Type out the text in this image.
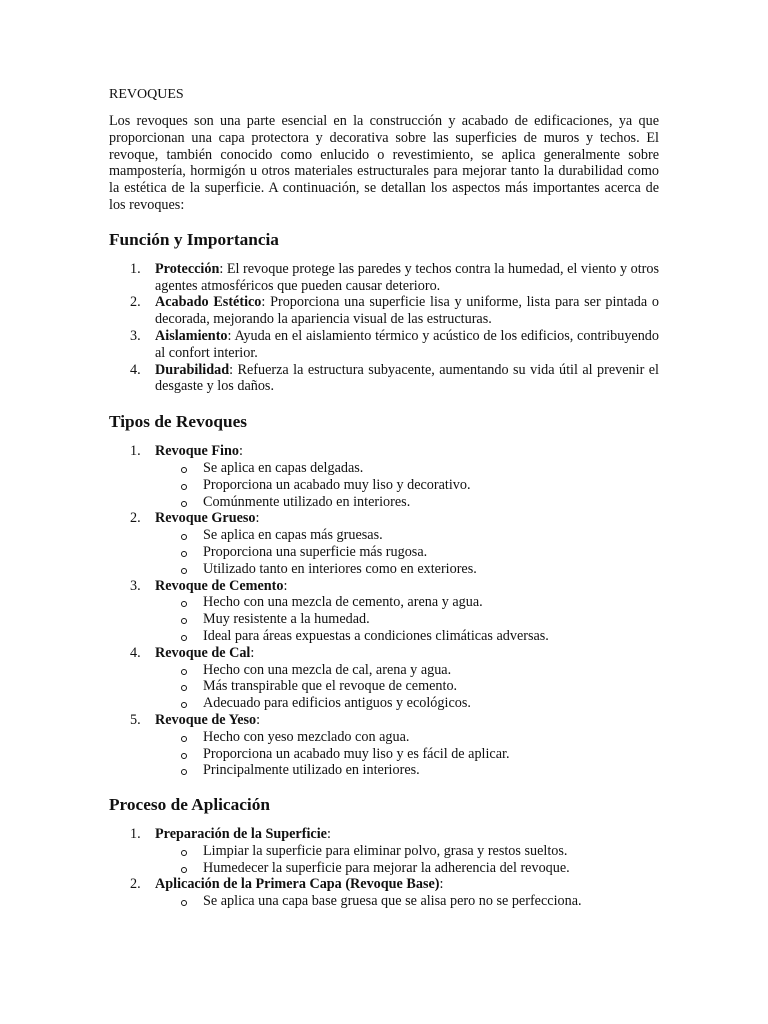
REVOQUES

Los revoques son una parte esencial en la construcción y acabado de edificaciones, ya que proporcionan una capa protectora y decorativa sobre las superficies de muros y techos. El revoque, también conocido como enlucido o revestimiento, se aplica generalmente sobre mampostería, hormigón u otros materiales estructurales para mejorar tanto la durabilidad como la estética de la superficie. A continuación, se detallan los aspectos más importantes acerca de los revoques:

Función y Importancia
1.	Protección: El revoque protege las paredes y techos contra la humedad, el viento y otros agentes atmosféricos que pueden causar deterioro.
2.	Acabado Estético: Proporciona una superficie lisa y uniforme, lista para ser pintada o decorada, mejorando la apariencia visual de las estructuras.
3.	Aislamiento: Ayuda en el aislamiento térmico y acústico de los edificios, contribuyendo al confort interior.
4.	Durabilidad: Refuerza la estructura subyacente, aumentando su vida útil al prevenir el desgaste y los daños.
Tipos de Revoques
1.	Revoque Fino:
Se aplica en capas delgadas.
Proporciona un acabado muy liso y decorativo.
Comúnmente utilizado en interiores.
2.	Revoque Grueso:
Se aplica en capas más gruesas.
Proporciona una superficie más rugosa.
Utilizado tanto en interiores como en exteriores.
3.	Revoque de Cemento:
Hecho con una mezcla de cemento, arena y agua.
Muy resistente a la humedad.
Ideal para áreas expuestas a condiciones climáticas adversas.
4.	Revoque de Cal:
Hecho con una mezcla de cal, arena y agua.
Más transpirable que el revoque de cemento.
Adecuado para edificios antiguos y ecológicos.
5.	Revoque de Yeso:
Hecho con yeso mezclado con agua.
Proporciona un acabado muy liso y es fácil de aplicar.
Principalmente utilizado en interiores.
Proceso de Aplicación
1.	Preparación de la Superficie:
Limpiar la superficie para eliminar polvo, grasa y restos sueltos.
Humedecer la superficie para mejorar la adherencia del revoque.
2.	Aplicación de la Primera Capa (Revoque Base):
Se aplica una capa base gruesa que se alisa pero no se perfecciona.
